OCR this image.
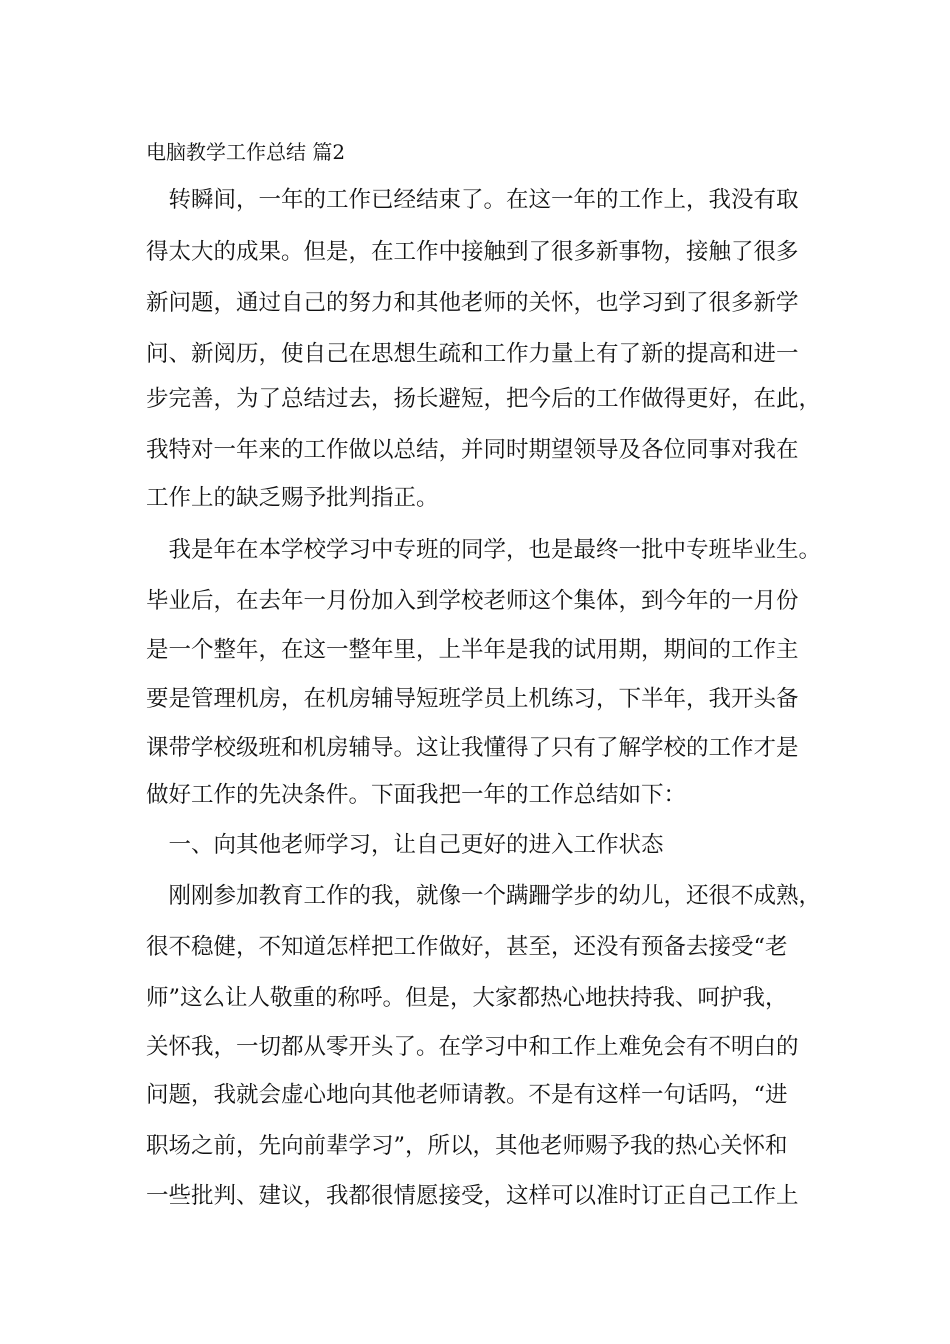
电脑教学工作总结 篇2

　转瞬间，一年的工作已经结束了。在这一年的工作上，我没有取

得太大的成果。但是，在工作中接触到了很多新事物，接触了很多

新问题，通过自己的努力和其他老师的关怀，也学习到了很多新学

问、新阅历，使自己在思想生疏和工作力量上有了新的提高和进一

步完善，为了总结过去，扬长避短，把今后的工作做得更好，在此，

我特对一年来的工作做以总结，并同时期望领导及各位同事对我在

工作上的缺乏赐予批判指正。

　我是年在本学校学习中专班的同学，也是最终一批中专班毕业生。

毕业后，在去年一月份加入到学校老师这个集体，到今年的一月份

是一个整年，在这一整年里，上半年是我的试用期，期间的工作主

要是管理机房，在机房辅导短班学员上机练习，下半年，我开头备

课带学校级班和机房辅导。这让我懂得了只有了解学校的工作才是

做好工作的先决条件。下面我把一年的工作总结如下：

　一、向其他老师学习，让自己更好的进入工作状态

　刚刚参加教育工作的我，就像一个蹒跚学步的幼儿，还很不成熟，

很不稳健，不知道怎样把工作做好，甚至，还没有预备去接受“老

师”这么让人敬重的称呼。但是，大家都热心地扶持我、呵护我，

关怀我，一切都从零开头了。在学习中和工作上难免会有不明白的

问题，我就会虚心地向其他老师请教。不是有这样一句话吗，“进

职场之前，先向前辈学习”，所以，其他老师赐予我的热心关怀和

一些批判、建议，我都很情愿接受，这样可以准时订正自己工作上
